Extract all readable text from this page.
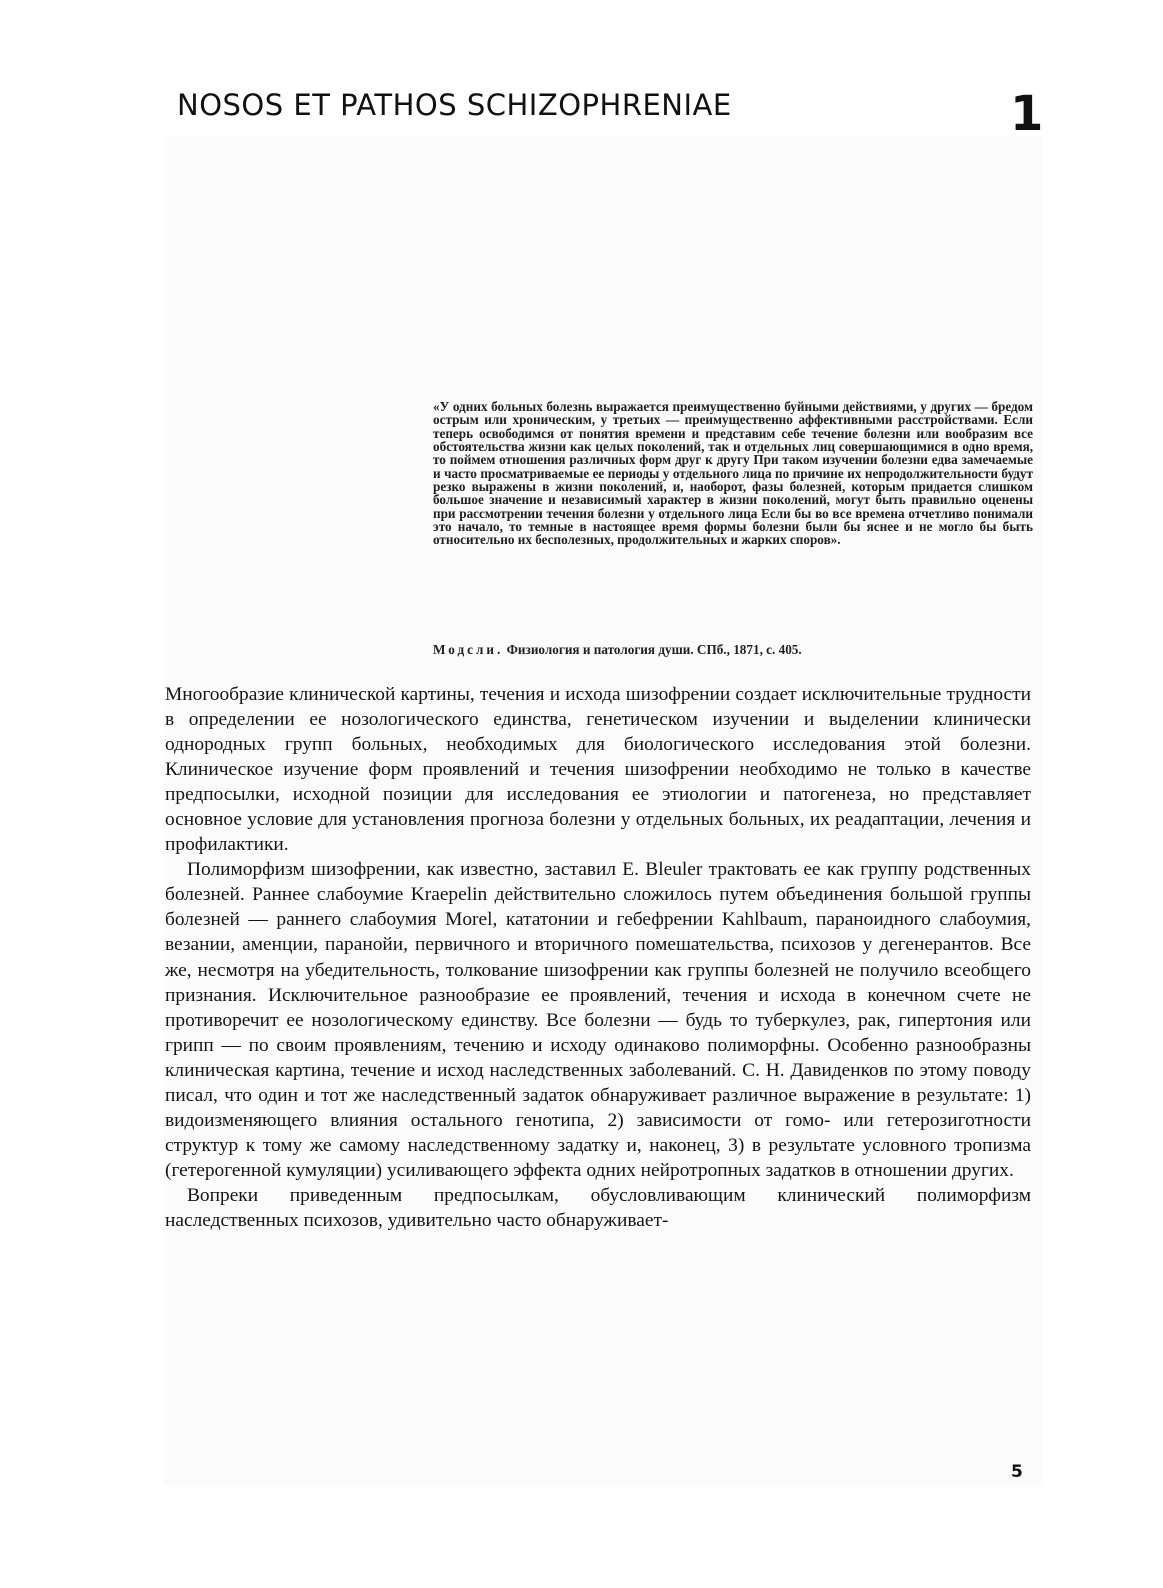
NOSOS ET PATHOS SCHIZOPHRENIAE	1
«У одних больных болезнь выражается преимущественно буйными действиями, у других — бредом острым или хроническим, у третьих — преимущественно аффективными расстройствами. Если теперь освободимся от понятия времени и представим себе течение болезни или вообразим все обстоятельства жизни как целых поколений, так и отдельных лиц совершающимися в одно время, то поймем отношения различных форм друг к другу При таком изучении болезни едва замечаемые и часто просматриваемые ее периоды у отдельного лица по причине их непродолжительности будут резко выражены в жизни поколений, и, наоборот, фазы болезней, которым придается слишком большое значение и независимый характер в жизни поколений, могут быть правильно оценены при рассмотрении течения болезни у отдельного лица Если бы во все времена отчетливо понимали это начало, то темные в настоящее время формы болезни были бы яснее и не могло бы быть относительно их бесполезных, продолжительных и жарких споров».
Модсли. Физиология и патология души. СПб., 1871, с. 405.

Многообразие клинической картины, течения и исхода шизофрении создает исключительные трудности в определении ее нозологического единства, генетическом изучении и выделении клинически однородных групп больных, необходимых для биологического исследования этой болезни. Клиническое изучение форм проявлений и течения шизофрении необходимо не только в качестве предпосылки, исходной позиции для исследования ее этиологии и патогенеза, но представляет основное условие для установления прогноза болезни у отдельных больных, их реадаптации, лечения и профилактики.

Полиморфизм шизофрении, как известно, заставил E. Bleuler трактовать ее как группу родственных болезней. Раннее слабоумие Kraepelin действительно сложилось путем объединения большой группы болезней — раннего слабоумия Morel, кататонии и гебефрении Kahlbaum, параноидного слабоумия, везании, аменции, паранойи, первичного и вторичного помешательства, психозов у дегенерантов. Все же, несмотря на убедительность, толкование шизофрении как группы болезней не получило всеобщего признания. Исключительное разнообразие ее проявлений, течения и исхода в конечном счете не противоречит ее нозологическому единству. Все болезни — будь то туберкулез, рак, гипертония или грипп — по своим проявлениям, течению и исходу одинаково полиморфны. Особенно разнообразны клиническая картина, течение и исход наследственных заболеваний. С. Н. Давиденков по этому поводу писал, что один и тот же наследственный задаток обнаруживает различное выражение в результате: 1) видоизменяющего влияния остального генотипа, 2) зависимости от гомо- или гетерозиготности структур к тому же самому наследственному задатку и, наконец, 3) в результате условного тропизма (гетерогенной кумуляции) усиливающего эффекта одних нейротропных задатков в отношении других.

Вопреки приведенным предпосылкам, обусловливающим клинический полиморфизм наследственных психозов, удивительно часто обнаруживает-

5
